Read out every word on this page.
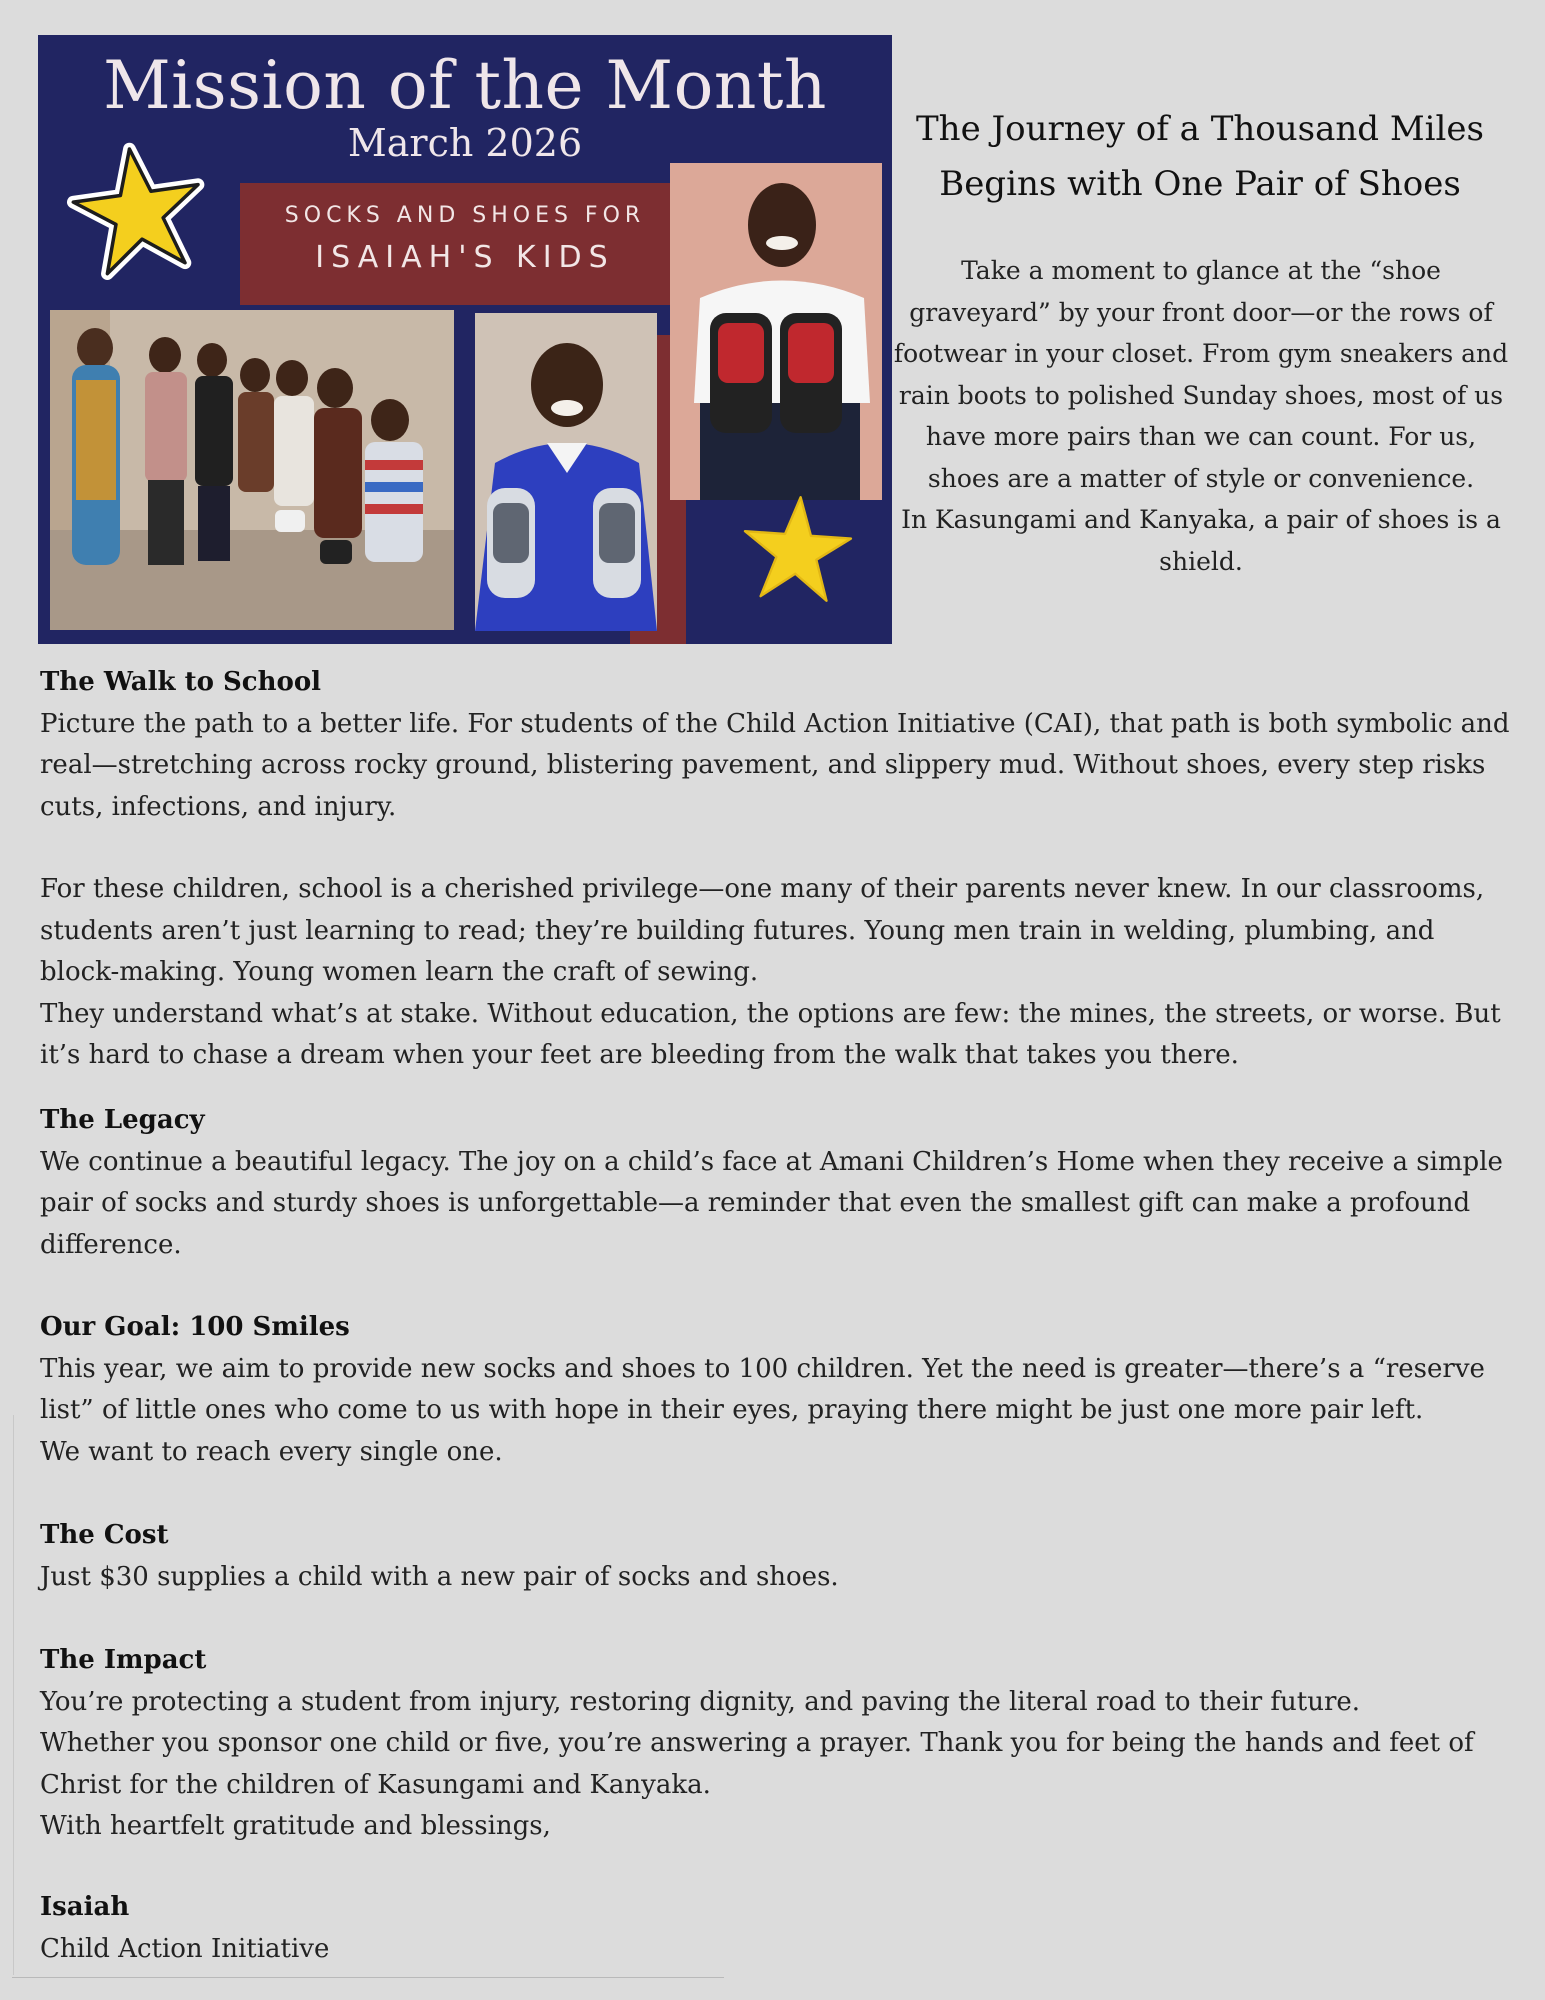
Mission of the Month
March 2026
SOCKS AND SHOES FOR
ISAIAH'S KIDS
The Journey of a Thousand Miles
Begins with One Pair of Shoes
Take a moment to glance at the “shoe graveyard” by your front door—or the rows of footwear in your closet. From gym sneakers and rain boots to polished Sunday shoes, most of us have more pairs than we can count. For us, shoes are a matter of style or convenience.
In Kasungami and Kanyaka, a pair of shoes is a shield.
The Walk to School
Picture the path to a better life. For students of the Child Action Initiative (CAI), that path is both symbolic and real—stretching across rocky ground, blistering pavement, and slippery mud. Without shoes, every step risks cuts, infections, and injury.
For these children, school is a cherished privilege—one many of their parents never knew. In our classrooms, students aren’t just learning to read; they’re building futures. Young men train in welding, plumbing, and block-making. Young women learn the craft of sewing.
They understand what’s at stake. Without education, the options are few: the mines, the streets, or worse. But it’s hard to chase a dream when your feet are bleeding from the walk that takes you there.
The Legacy
We continue a beautiful legacy. The joy on a child’s face at Amani Children’s Home when they receive a simple pair of socks and sturdy shoes is unforgettable—a reminder that even the smallest gift can make a profound difference.
Our Goal: 100 Smiles
This year, we aim to provide new socks and shoes to 100 children. Yet the need is greater—there’s a “reserve list” of little ones who come to us with hope in their eyes, praying there might be just one more pair left.
We want to reach every single one.
The Cost
Just $30 supplies a child with a new pair of socks and shoes.
The Impact
You’re protecting a student from injury, restoring dignity, and paving the literal road to their future.
Whether you sponsor one child or five, you’re answering a prayer. Thank you for being the hands and feet of Christ for the children of Kasungami and Kanyaka.
With heartfelt gratitude and blessings,
Isaiah
Child Action Initiative
